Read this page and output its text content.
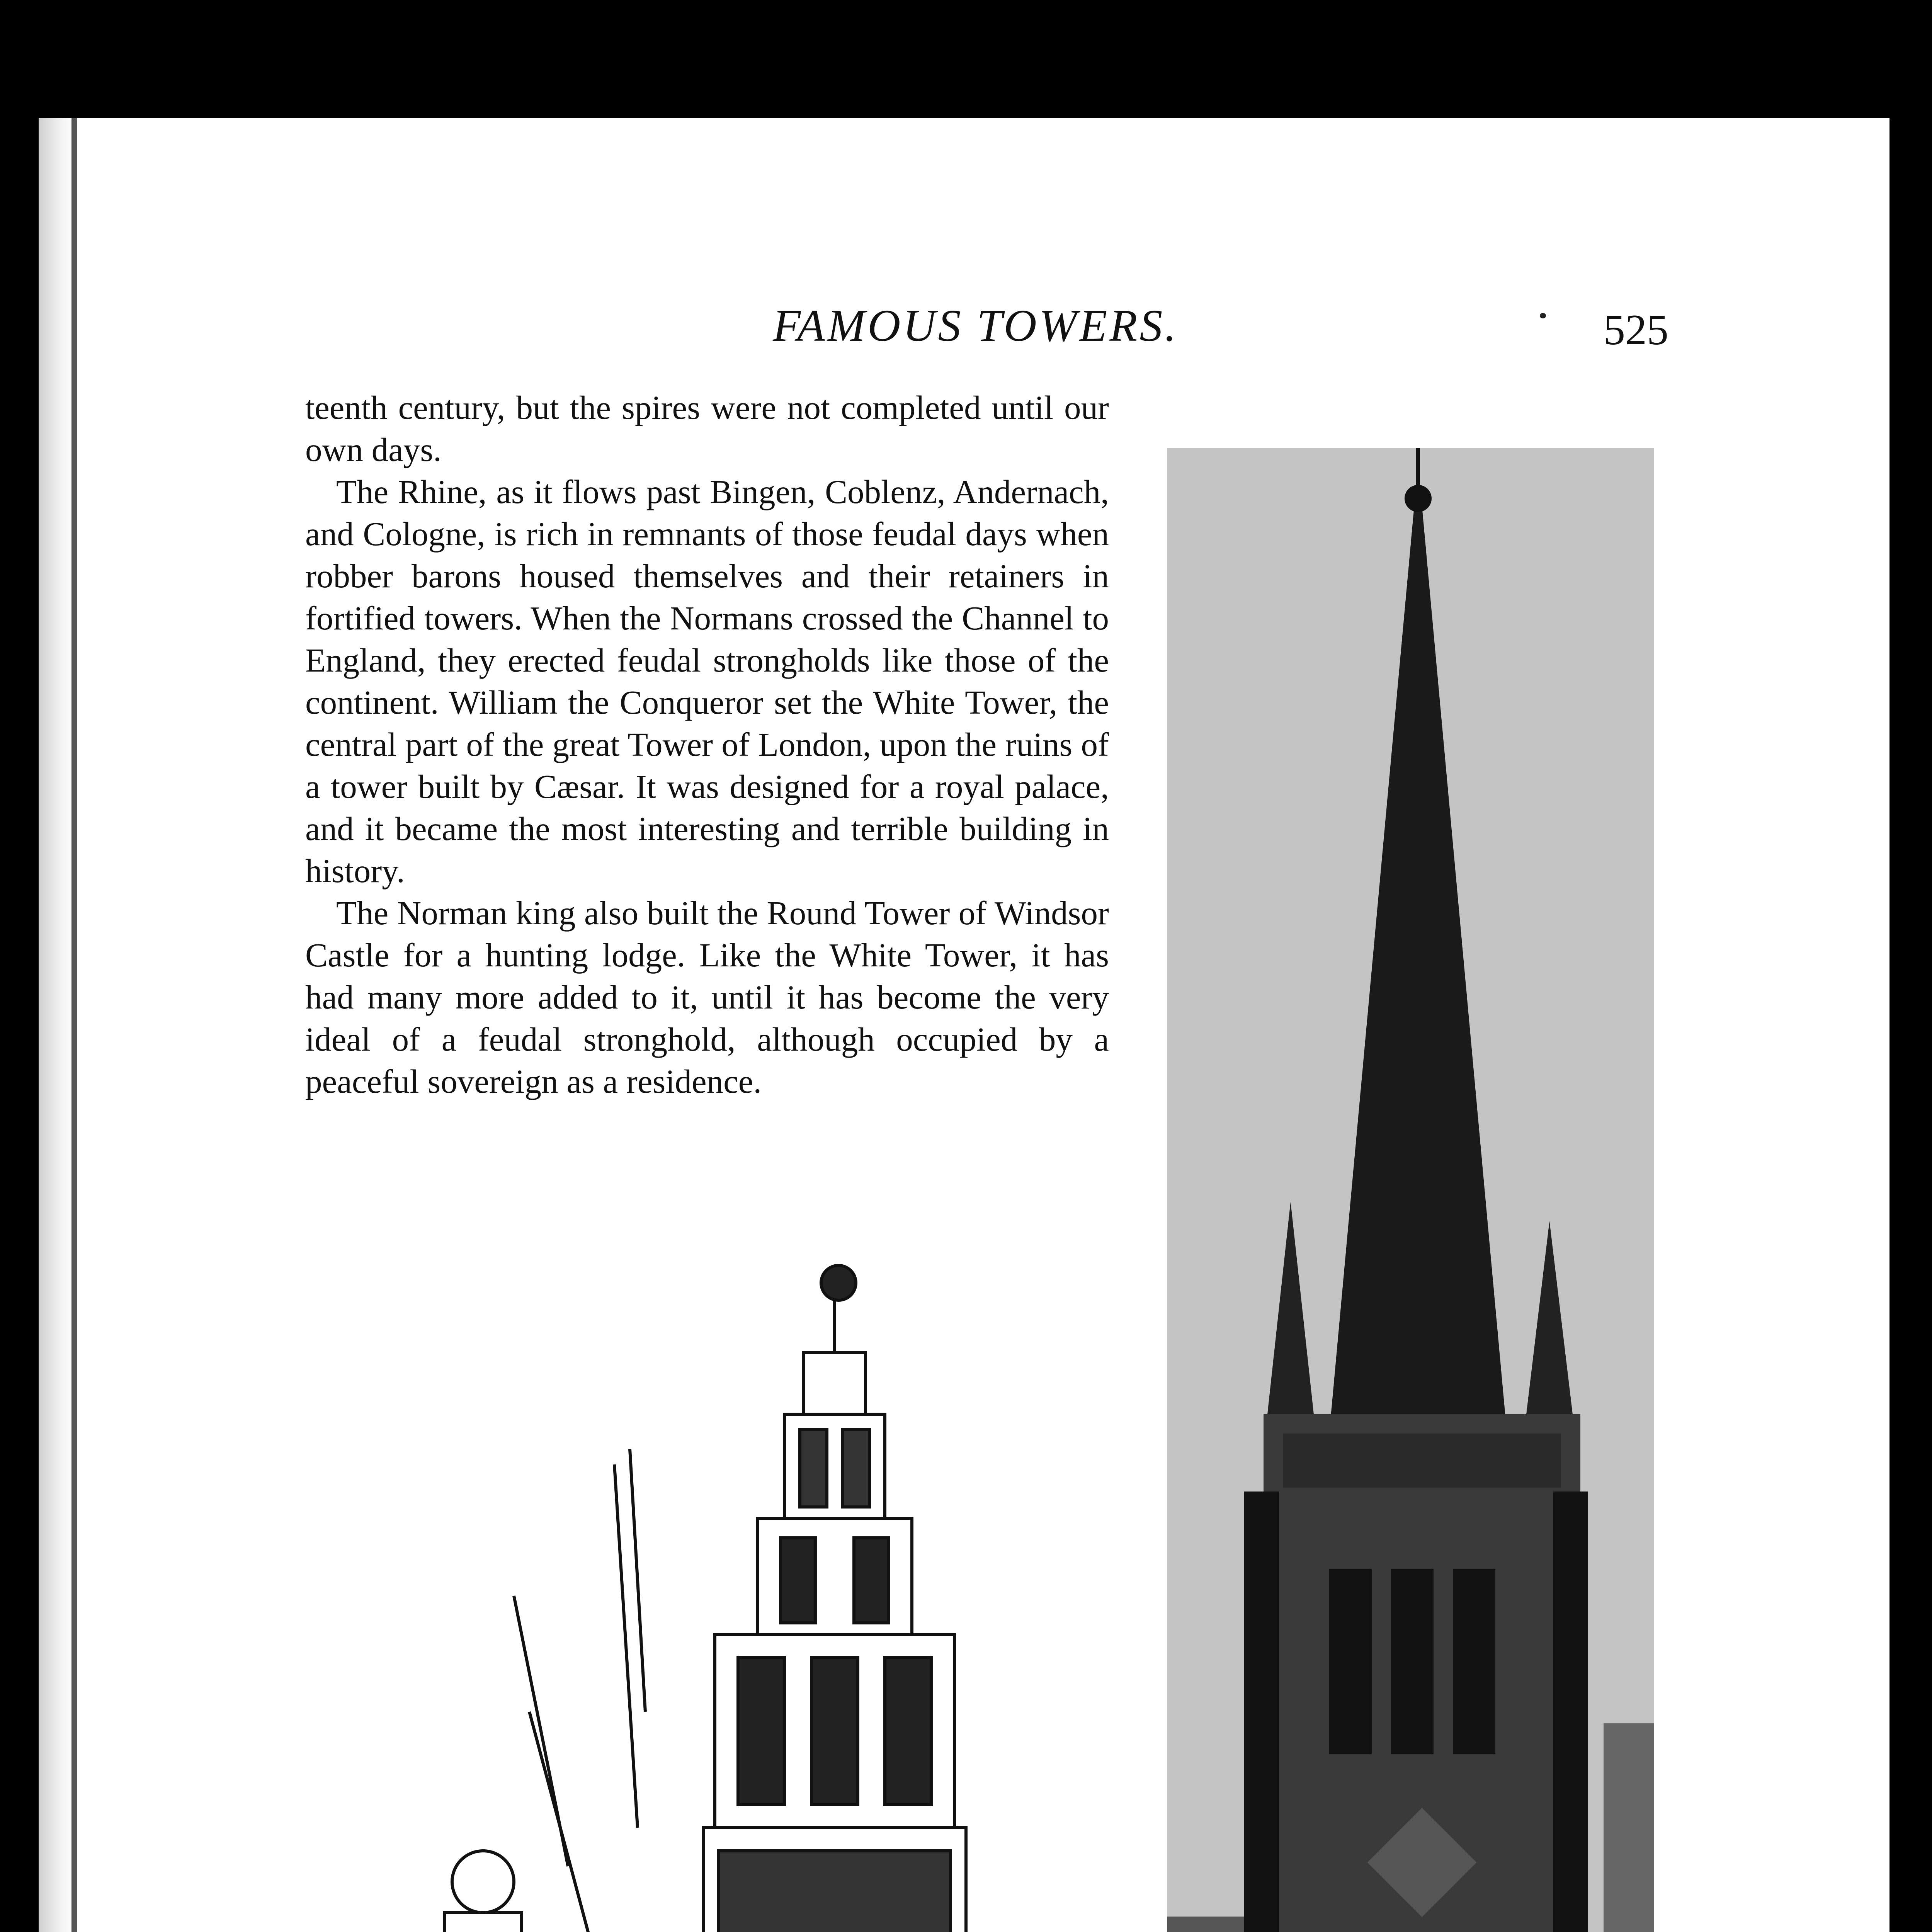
FAMOUS TOWERS.	525

teenth century, but the spires were not completed until our own days.

The Rhine, as it flows past Bingen, Coblenz, Andernach, and Cologne, is rich in remnants of those feudal days when robber barons housed themselves and their retainers in fortified towers. When the Normans crossed the Channel to England, they erected feudal strongholds like those of the continent. William the Conqueror set the White Tower, the central part of the great Tower of London, upon the ruins of a tower built by Cæsar. It was designed for a royal palace, and it became the most interesting and terrible building in history.

The Norman king also built the Round Tower of Windsor Castle for a hunting lodge. Like the White Tower, it has had many more added to it, until it has become the very ideal of a feudal stronghold, although occupied by a peaceful sovereign as a residence.
